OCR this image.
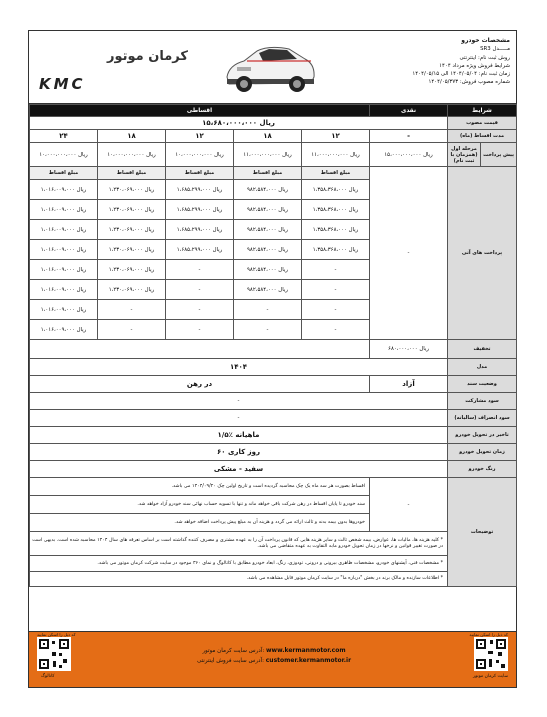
کرمان موتور
KMC
مشخصات خودرو
مـــــدل SR3
روش ثبت نام: اینترنتی
شرایط فروش ویژه مرداد ۱۴۰۴
زمان ثبت نام: ۱۴۰۴/۰۵/۰۴ الی ۱۴۰۴/۰۵/۱۵
شماره مصوب فروش: ۱۴۰۴/۰۵/۳۷۳
اقساطی					نقدی	شرایط	
۱۵،۶۸۰،۰۰۰،۰۰۰ ریال						قیمت مصوب	
۲۴	۱۸	۱۲	۱۸	۱۲	-	مدت اقساط (ماه)	
۱۰،۰۰۰،۰۰۰،۰۰۰ ریال	۱۰،۰۰۰،۰۰۰،۰۰۰ ریال	۱۰،۰۰۰،۰۰۰،۰۰۰ ریال	۱۱،۰۰۰،۰۰۰،۰۰۰ ریال	۱۱،۰۰۰،۰۰۰،۰۰۰ ریال	۱۵،۰۰۰،۰۰۰،۰۰۰ ریال	مرحله اول (همزمان با ثبت نام)	پیش پرداخت
مبلغ اقساط	مبلغ اقساط	مبلغ اقساط	مبلغ اقساط	مبلغ اقساط	-	پرداخت های آتی	
۱،۰۱۶،۰۰۹،۰۰۰ ریال	۱،۲۳۰،۰۶۹،۰۰۰ ریال	۱،۶۸۵،۲۹۹،۰۰۰ ریال	۹۸۲،۵۸۴،۰۰۰ ریال	۱،۳۵۸،۳۶۸،۰۰۰ ریال			
۱،۰۱۶،۰۰۹،۰۰۰ ریال	۱،۲۳۰،۰۶۹،۰۰۰ ریال	۱،۶۸۵،۲۹۹،۰۰۰ ریال	۹۸۲،۵۸۴،۰۰۰ ریال	۱،۳۵۸،۳۶۸،۰۰۰ ریال			
۱،۰۱۶،۰۰۹،۰۰۰ ریال	۱،۲۳۰،۰۶۹،۰۰۰ ریال	۱،۶۸۵،۲۹۹،۰۰۰ ریال	۹۸۲،۵۸۴،۰۰۰ ریال	۱،۳۵۸،۳۶۸،۰۰۰ ریال			
۱،۰۱۶،۰۰۹،۰۰۰ ریال	۱،۲۳۰،۰۶۹،۰۰۰ ریال	۱،۶۸۵،۲۹۹،۰۰۰ ریال	۹۸۲،۵۸۴،۰۰۰ ریال	۱،۳۵۸،۳۶۸،۰۰۰ ریال			
۱،۰۱۶،۰۰۹،۰۰۰ ریال	۱،۲۳۰،۰۶۹،۰۰۰ ریال	-	۹۸۲،۵۸۴،۰۰۰ ریال	-			
۱،۰۱۶،۰۰۹،۰۰۰ ریال	۱،۲۳۰،۰۶۹،۰۰۰ ریال	-	۹۸۲،۵۸۴،۰۰۰ ریال	-			
۱،۰۱۶،۰۰۹،۰۰۰ ریال	-	-	-	-			
۱،۰۱۶،۰۰۹،۰۰۰ ریال	-	-	-	-			
					۶۸۰،۰۰۰،۰۰۰ ریال	تخفیف	
۱۴۰۴						مدل	
در رهن					آزاد	وضعیت سند	
-						سود مشارکت	
-						سود انصراف (سالیانه)	
۱/۵٪ ماهیانه						تاخیر در تحویل خودرو	
۶۰ روز کاری						زمان تحویل خودرو	
سفید - مشکی						رنگ خودرو	
اقساط بصورت هر سه ماه یک چک محاسبه گردیده است و تاریخ اولین چک ۱۴۰۴/۰۹/۲۰ می باشد.					-	توضیحات	
سند خودرو تا پایان اقساط در رهن شرکت باقی خواهد ماند و تنها با تسویه حساب نهائی سند خودرو آزاد خواهد شد.							
خودروها بدون بیمه بدنه و ثالث ارائه می گردد و هزینه آن به مبلغ پیش پرداخت اضافه خواهد شد.							
* کلیه هزینه ها، مالیات ها، عوارض، بیمه شخص ثالث و سایر هزینه هایی که قانون پرداخت آن را به عهده مشتری و مصرف کننده گذاشته است بر اساس تعرفه های سال ۱۴۰۴ محاسبه شده است. بدیهی است در صورت تغییر قوانین و نرخها در زمان تحویل خودرو مابه التفاوت به عهده متقاضی می باشد.							
* مشخصات فنی، آپشنهای خودرو، مشخصات ظاهری بیرونی و درونی، تودوزی، رنگ، ابعاد خودرو مطابق با کاتالوگ و نمای ۳۶۰ موجود در سایت شرکت کرمان موتور می باشد.							
* اطلاعات سازنده و مالک برند در بخش "درباره ما" در سایت کرمان موتور قابل مشاهده می باشد.							
کد ذیل را اسکن نمایید
کاتالوگ
آدرس سایت کرمان موتور: www.kermanmotor.com
آدرس سایت فروش اینترنتی: customer.kermanmotor.ir
کد ذیل را اسکن نمایید
سایت کرمان موتور
